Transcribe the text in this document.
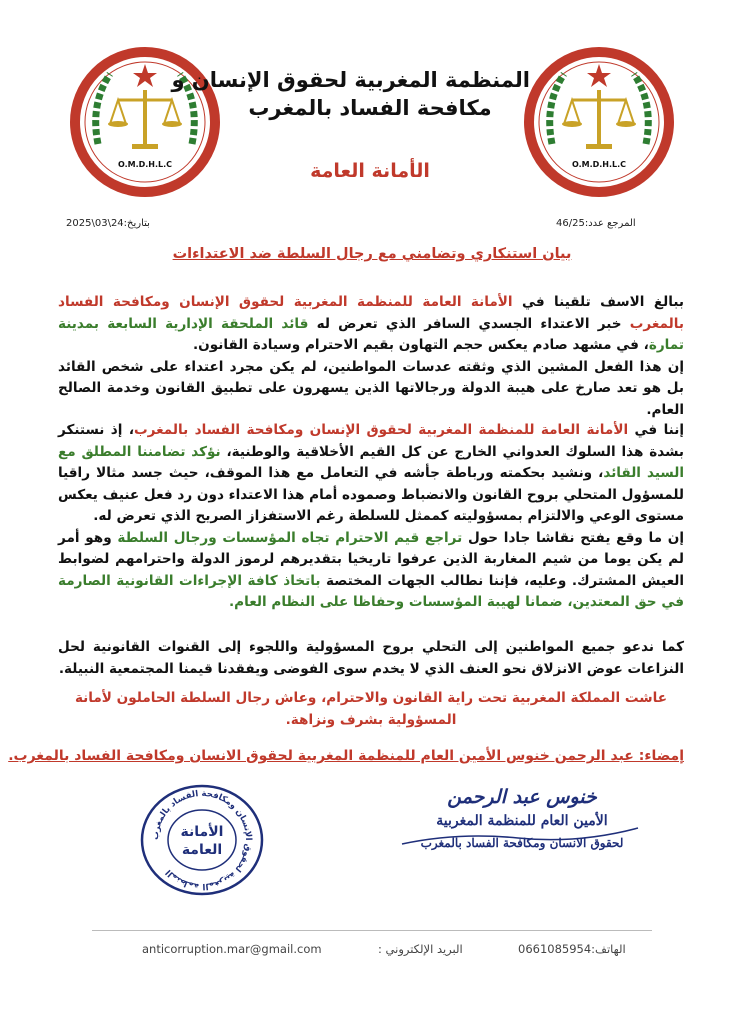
O.M.D.H.L.C	O.M.D.H.L.C
المنظمة المغربية لحقوق الإنسان و
مكافحة الفساد بالمغرب
الأمانة العامة
بتاريخ:24\03\2025	المرجع عدد:46/25
بيان استنكاري وتضامني مع رجال السلطة ضد الاعتداءات
ببالغ الاسف تلقينا في الأمانة العامة للمنظمة المغربية لحقوق الإنسان ومكافحة الفساد بالمغرب خبر الاعتداء الجسدي السافر الذي تعرض له قائد الملحقة الإدارية السابعة بمدينة تمارة، في مشهد صادم يعكس حجم التهاون بقيم الاحترام وسيادة القانون.
إن هذا الفعل المشين الذي وثقته عدسات المواطنين، لم يكن مجرد اعتداء على شخص القائد بل هو تعد صارخ على هيبة الدولة ورجالاتها الذين يسهرون على تطبيق القانون وخدمة الصالح العام.
إننا في الأمانة العامة للمنظمة المغربية لحقوق الإنسان ومكافحة الفساد بالمغرب، إذ نستنكر بشدة هذا السلوك العدواني الخارج عن كل القيم الأخلاقية والوطنية، نؤكد تضامننا المطلق مع السيد القائد، ونشيد بحكمته ورباطة جأشه في التعامل مع هذا الموقف، حيث جسد مثالا راقيا للمسؤول المتحلي بروح القانون والانضباط وصموده أمام هذا الاعتداء دون رد فعل عنيف يعكس مستوى الوعي والالتزام بمسؤوليته كممثل للسلطة رغم الاستفزاز الصريح الذي تعرض له.
إن ما وقع يفتح نقاشا جادا حول تراجع قيم الاحترام تجاه المؤسسات ورجال السلطة وهو أمر لم يكن يوما من شيم المغاربة الذين عرفوا تاريخيا بتقديرهم لرموز الدولة واحترامهم لضوابط العيش المشترك. وعليه، فإننا نطالب الجهات المختصة باتخاذ كافة الإجراءات القانونية الصارمة في حق المعتدين، ضمانا لهيبة المؤسسات وحفاظا على النظام العام.
كما ندعو جميع المواطنين إلى التحلي بروح المسؤولية واللجوء إلى القنوات القانونية لحل النزاعات عوض الانزلاق نحو العنف الذي لا يخدم سوى الفوضى ويفقدنا قيمنا المجتمعية النبيلة.
عاشت المملكة المغربية تحت راية القانون والاحترام، وعاش رجال السلطة الحاملون لأمانة المسؤولية بشرف ونزاهة.
إمضاء: عبد الرحمن خنوس الأمين العام للمنظمة المغربية لحقوق الانسان ومكافحة الفساد بالمغرب.
المنظمة المغربية لحقوق الإنسان ومكافحة الفساد بالمغرب
الأمانة
العامة
خنوس عبد الرحمن
الأمين العام للمنظمة المغربية
لحقوق الانسان ومكافحة الفساد بالمغرب
anticorruption.mar@gmail.com	البريد الإلكتروني :	الهاتف:0661085954
